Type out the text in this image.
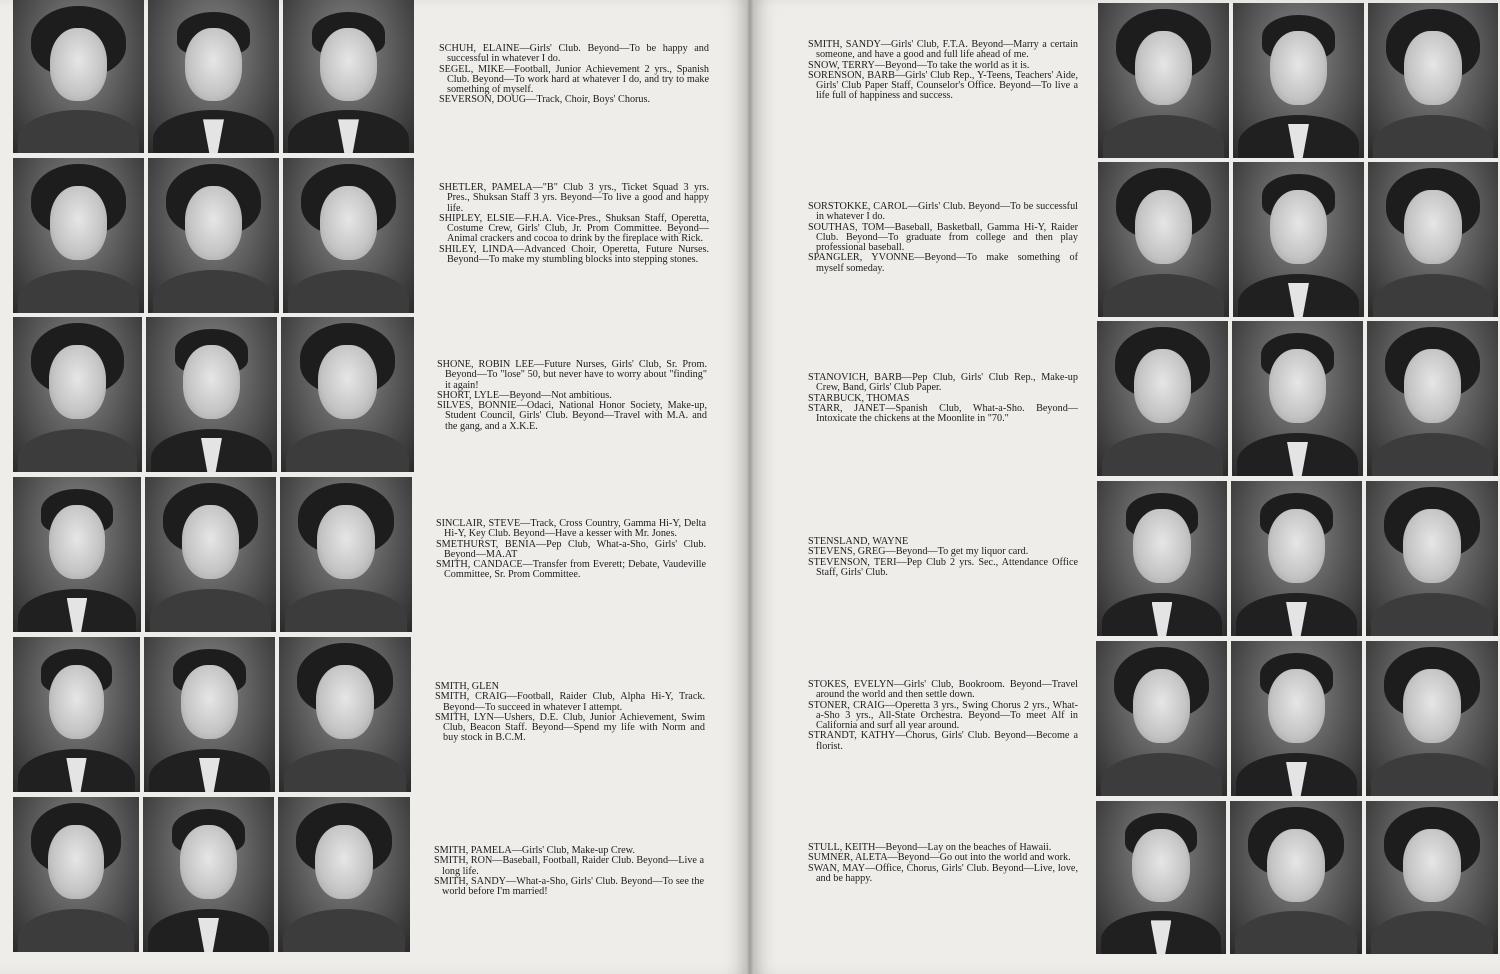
SCHUH, ELAINE—Girls' Club. Beyond—To be happy and successful in whatever I do.

SEGEL, MIKE—Football, Junior Achievement 2 yrs., Spanish Club. Beyond—To work hard at whatever I do, and try to make something of myself.

SEVERSON, DOUG—Track, Choir, Boys' Chorus.

SHETLER, PAMELA—"B" Club 3 yrs., Ticket Squad 3 yrs. Pres., Shuksan Staff 3 yrs. Beyond—To live a good and happy life.

SHIPLEY, ELSIE—F.H.A. Vice-Pres., Shuksan Staff, Operetta, Costume Crew, Girls' Club, Jr. Prom Committee. Beyond—Animal crackers and cocoa to drink by the fireplace with Rick.

SHILEY, LINDA—Advanced Choir, Operetta, Future Nurses. Beyond—To make my stumbling blocks into stepping stones.

SHONE, ROBIN LEE—Future Nurses, Girls' Club, Sr. Prom. Beyond—To "lose" 50, but never have to worry about "finding" it again!

SHORT, LYLE—Beyond—Not ambitious.

SILVES, BONNIE—Odaci, National Honor Society, Make-up, Student Council, Girls' Club. Beyond—Travel with M.A. and the gang, and a X.K.E.

SINCLAIR, STEVE—Track, Cross Country, Gamma Hi-Y, Delta Hi-Y, Key Club. Beyond—Have a kesser with Mr. Jones.

SMETHURST, BENIA—Pep Club, What-a-Sho, Girls' Club. Beyond—MA.AT

SMITH, CANDACE—Transfer from Everett; Debate, Vaudeville Committee, Sr. Prom Committee.

SMITH, GLEN

SMITH, CRAIG—Football, Raider Club, Alpha Hi-Y, Track. Beyond—To succeed in whatever I attempt.

SMITH, LYN—Ushers, D.E. Club, Junior Achievement, Swim Club, Beacon Staff. Beyond—Spend my life with Norm and buy stock in B.C.M.

SMITH, PAMELA—Girls' Club, Make-up Crew.

SMITH, RON—Baseball, Football, Raider Club. Beyond—Live a long life.

SMITH, SANDY—What-a-Sho, Girls' Club. Beyond—To see the world before I'm married!

SMITH, SANDY—Girls' Club, F.T.A. Beyond—Marry a certain someone, and have a good and full life ahead of me.

SNOW, TERRY—Beyond—To take the world as it is.

SORENSON, BARB—Girls' Club Rep., Y-Teens, Teachers' Aide, Girls' Club Paper Staff, Counselor's Office. Beyond—To live a life full of happiness and success.

SORSTOKKE, CAROL—Girls' Club. Beyond—To be successful in whatever I do.

SOUTHAS, TOM—Baseball, Basketball, Gamma Hi-Y, Raider Club. Beyond—To graduate from college and then play professional baseball.

SPANGLER, YVONNE—Beyond—To make something of myself someday.

STANOVICH, BARB—Pep Club, Girls' Club Rep., Make-up Crew, Band, Girls' Club Paper.

STARBUCK, THOMAS

STARR, JANET—Spanish Club, What-a-Sho. Beyond—Intoxicate the chickens at the Moonlite in "70."

STENSLAND, WAYNE

STEVENS, GREG—Beyond—To get my liquor card.

STEVENSON, TERI—Pep Club 2 yrs. Sec., Attendance Office Staff, Girls' Club.

STOKES, EVELYN—Girls' Club, Bookroom. Beyond—Travel around the world and then settle down.

STONER, CRAIG—Operetta 3 yrs., Swing Chorus 2 yrs., What-a-Sho 3 yrs., All-State Orchestra. Beyond—To meet Alf in California and surf all year around.

STRANDT, KATHY—Chorus, Girls' Club. Beyond—Become a florist.

STULL, KEITH—Beyond—Lay on the beaches of Hawaii.

SUMNER, ALETA—Beyond—Go out into the world and work.

SWAN, MAY—Office, Chorus, Girls' Club. Beyond—Live, love, and be happy.
